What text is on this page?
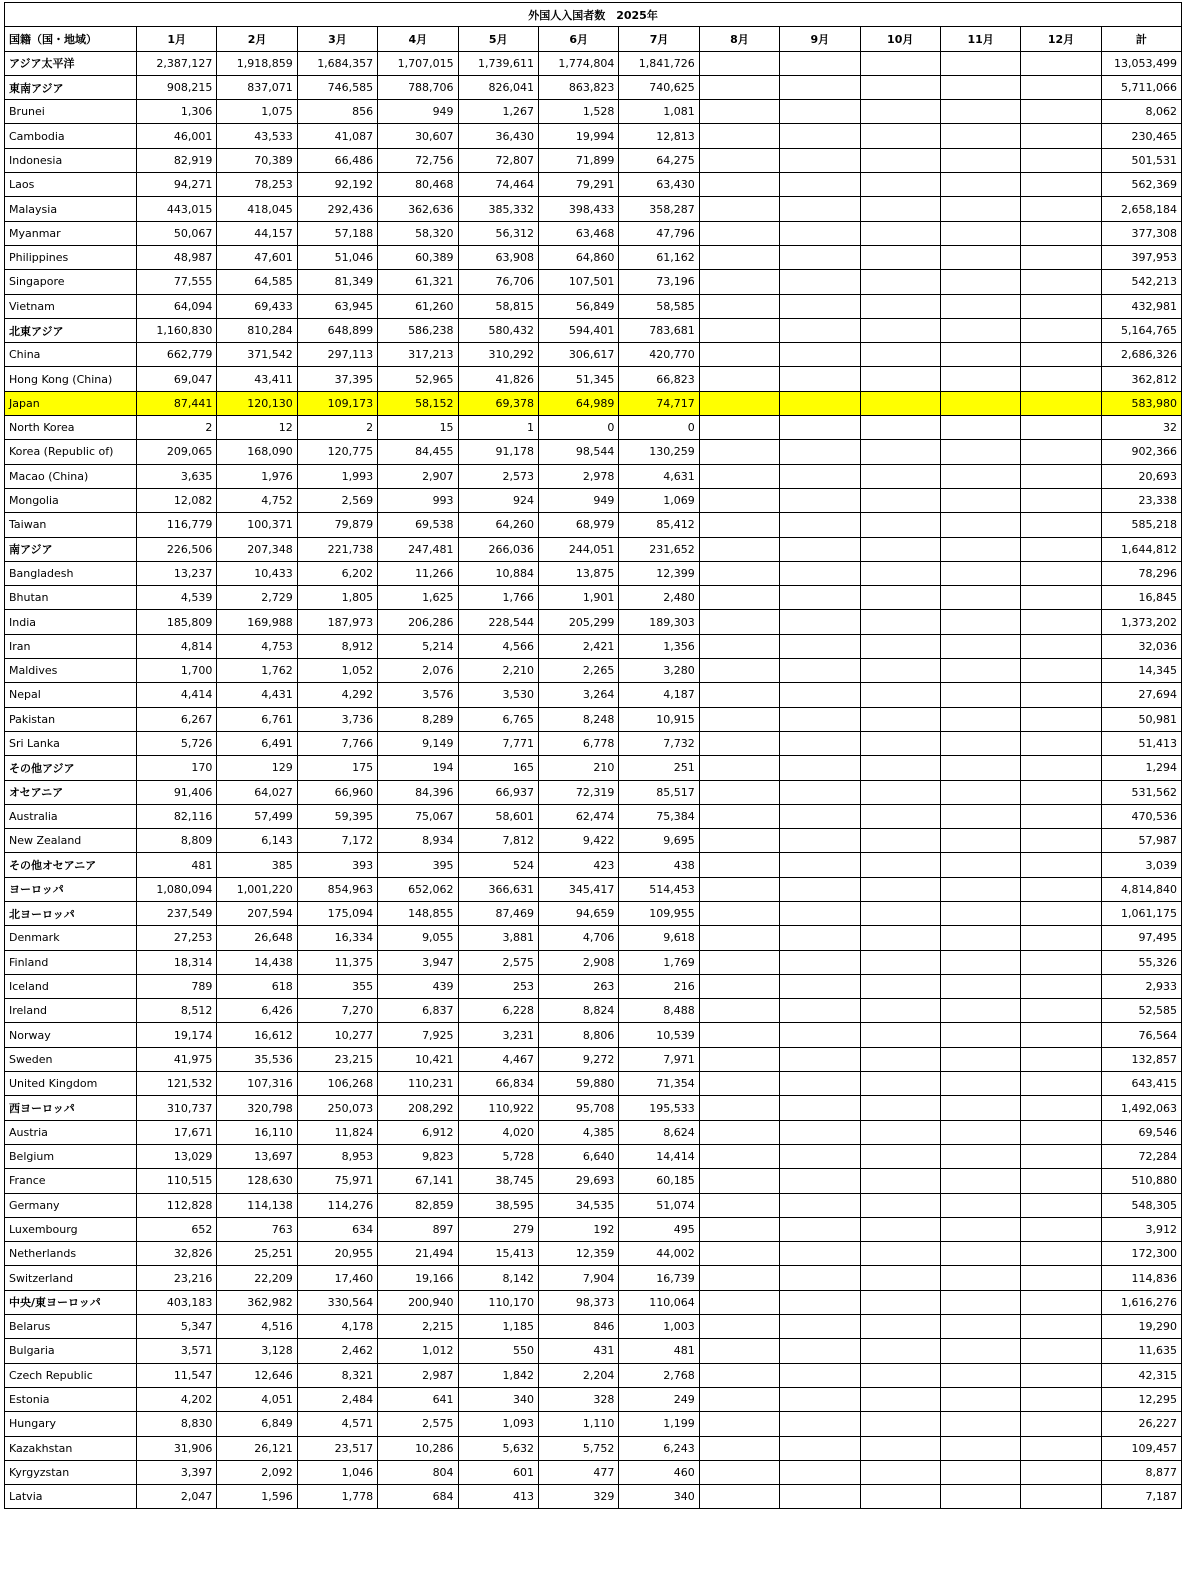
外国人入国者数　2025年													
国籍（国・地域）	1月	2月	3月	4月	5月	6月	7月	8月	9月	10月	11月	12月	計
アジア太平洋	2,387,127	1,918,859	1,684,357	1,707,015	1,739,611	1,774,804	1,841,726						13,053,499
東南アジア	908,215	837,071	746,585	788,706	826,041	863,823	740,625						5,711,066
Brunei	1,306	1,075	856	949	1,267	1,528	1,081						8,062
Cambodia	46,001	43,533	41,087	30,607	36,430	19,994	12,813						230,465
Indonesia	82,919	70,389	66,486	72,756	72,807	71,899	64,275						501,531
Laos	94,271	78,253	92,192	80,468	74,464	79,291	63,430						562,369
Malaysia	443,015	418,045	292,436	362,636	385,332	398,433	358,287						2,658,184
Myanmar	50,067	44,157	57,188	58,320	56,312	63,468	47,796						377,308
Philippines	48,987	47,601	51,046	60,389	63,908	64,860	61,162						397,953
Singapore	77,555	64,585	81,349	61,321	76,706	107,501	73,196						542,213
Vietnam	64,094	69,433	63,945	61,260	58,815	56,849	58,585						432,981
北東アジア	1,160,830	810,284	648,899	586,238	580,432	594,401	783,681						5,164,765
China	662,779	371,542	297,113	317,213	310,292	306,617	420,770						2,686,326
Hong Kong (China)	69,047	43,411	37,395	52,965	41,826	51,345	66,823						362,812
Japan	87,441	120,130	109,173	58,152	69,378	64,989	74,717						583,980
North Korea	2	12	2	15	1	0	0						32
Korea (Republic of)	209,065	168,090	120,775	84,455	91,178	98,544	130,259						902,366
Macao (China)	3,635	1,976	1,993	2,907	2,573	2,978	4,631						20,693
Mongolia	12,082	4,752	2,569	993	924	949	1,069						23,338
Taiwan	116,779	100,371	79,879	69,538	64,260	68,979	85,412						585,218
南アジア	226,506	207,348	221,738	247,481	266,036	244,051	231,652						1,644,812
Bangladesh	13,237	10,433	6,202	11,266	10,884	13,875	12,399						78,296
Bhutan	4,539	2,729	1,805	1,625	1,766	1,901	2,480						16,845
India	185,809	169,988	187,973	206,286	228,544	205,299	189,303						1,373,202
Iran	4,814	4,753	8,912	5,214	4,566	2,421	1,356						32,036
Maldives	1,700	1,762	1,052	2,076	2,210	2,265	3,280						14,345
Nepal	4,414	4,431	4,292	3,576	3,530	3,264	4,187						27,694
Pakistan	6,267	6,761	3,736	8,289	6,765	8,248	10,915						50,981
Sri Lanka	5,726	6,491	7,766	9,149	7,771	6,778	7,732						51,413
その他アジア	170	129	175	194	165	210	251						1,294
オセアニア	91,406	64,027	66,960	84,396	66,937	72,319	85,517						531,562
Australia	82,116	57,499	59,395	75,067	58,601	62,474	75,384						470,536
New Zealand	8,809	6,143	7,172	8,934	7,812	9,422	9,695						57,987
その他オセアニア	481	385	393	395	524	423	438						3,039
ヨーロッパ	1,080,094	1,001,220	854,963	652,062	366,631	345,417	514,453						4,814,840
北ヨーロッパ	237,549	207,594	175,094	148,855	87,469	94,659	109,955						1,061,175
Denmark	27,253	26,648	16,334	9,055	3,881	4,706	9,618						97,495
Finland	18,314	14,438	11,375	3,947	2,575	2,908	1,769						55,326
Iceland	789	618	355	439	253	263	216						2,933
Ireland	8,512	6,426	7,270	6,837	6,228	8,824	8,488						52,585
Norway	19,174	16,612	10,277	7,925	3,231	8,806	10,539						76,564
Sweden	41,975	35,536	23,215	10,421	4,467	9,272	7,971						132,857
United Kingdom	121,532	107,316	106,268	110,231	66,834	59,880	71,354						643,415
西ヨーロッパ	310,737	320,798	250,073	208,292	110,922	95,708	195,533						1,492,063
Austria	17,671	16,110	11,824	6,912	4,020	4,385	8,624						69,546
Belgium	13,029	13,697	8,953	9,823	5,728	6,640	14,414						72,284
France	110,515	128,630	75,971	67,141	38,745	29,693	60,185						510,880
Germany	112,828	114,138	114,276	82,859	38,595	34,535	51,074						548,305
Luxembourg	652	763	634	897	279	192	495						3,912
Netherlands	32,826	25,251	20,955	21,494	15,413	12,359	44,002						172,300
Switzerland	23,216	22,209	17,460	19,166	8,142	7,904	16,739						114,836
中央/東ヨーロッパ	403,183	362,982	330,564	200,940	110,170	98,373	110,064						1,616,276
Belarus	5,347	4,516	4,178	2,215	1,185	846	1,003						19,290
Bulgaria	3,571	3,128	2,462	1,012	550	431	481						11,635
Czech Republic	11,547	12,646	8,321	2,987	1,842	2,204	2,768						42,315
Estonia	4,202	4,051	2,484	641	340	328	249						12,295
Hungary	8,830	6,849	4,571	2,575	1,093	1,110	1,199						26,227
Kazakhstan	31,906	26,121	23,517	10,286	5,632	5,752	6,243						109,457
Kyrgyzstan	3,397	2,092	1,046	804	601	477	460						8,877
Latvia	2,047	1,596	1,778	684	413	329	340						7,187
